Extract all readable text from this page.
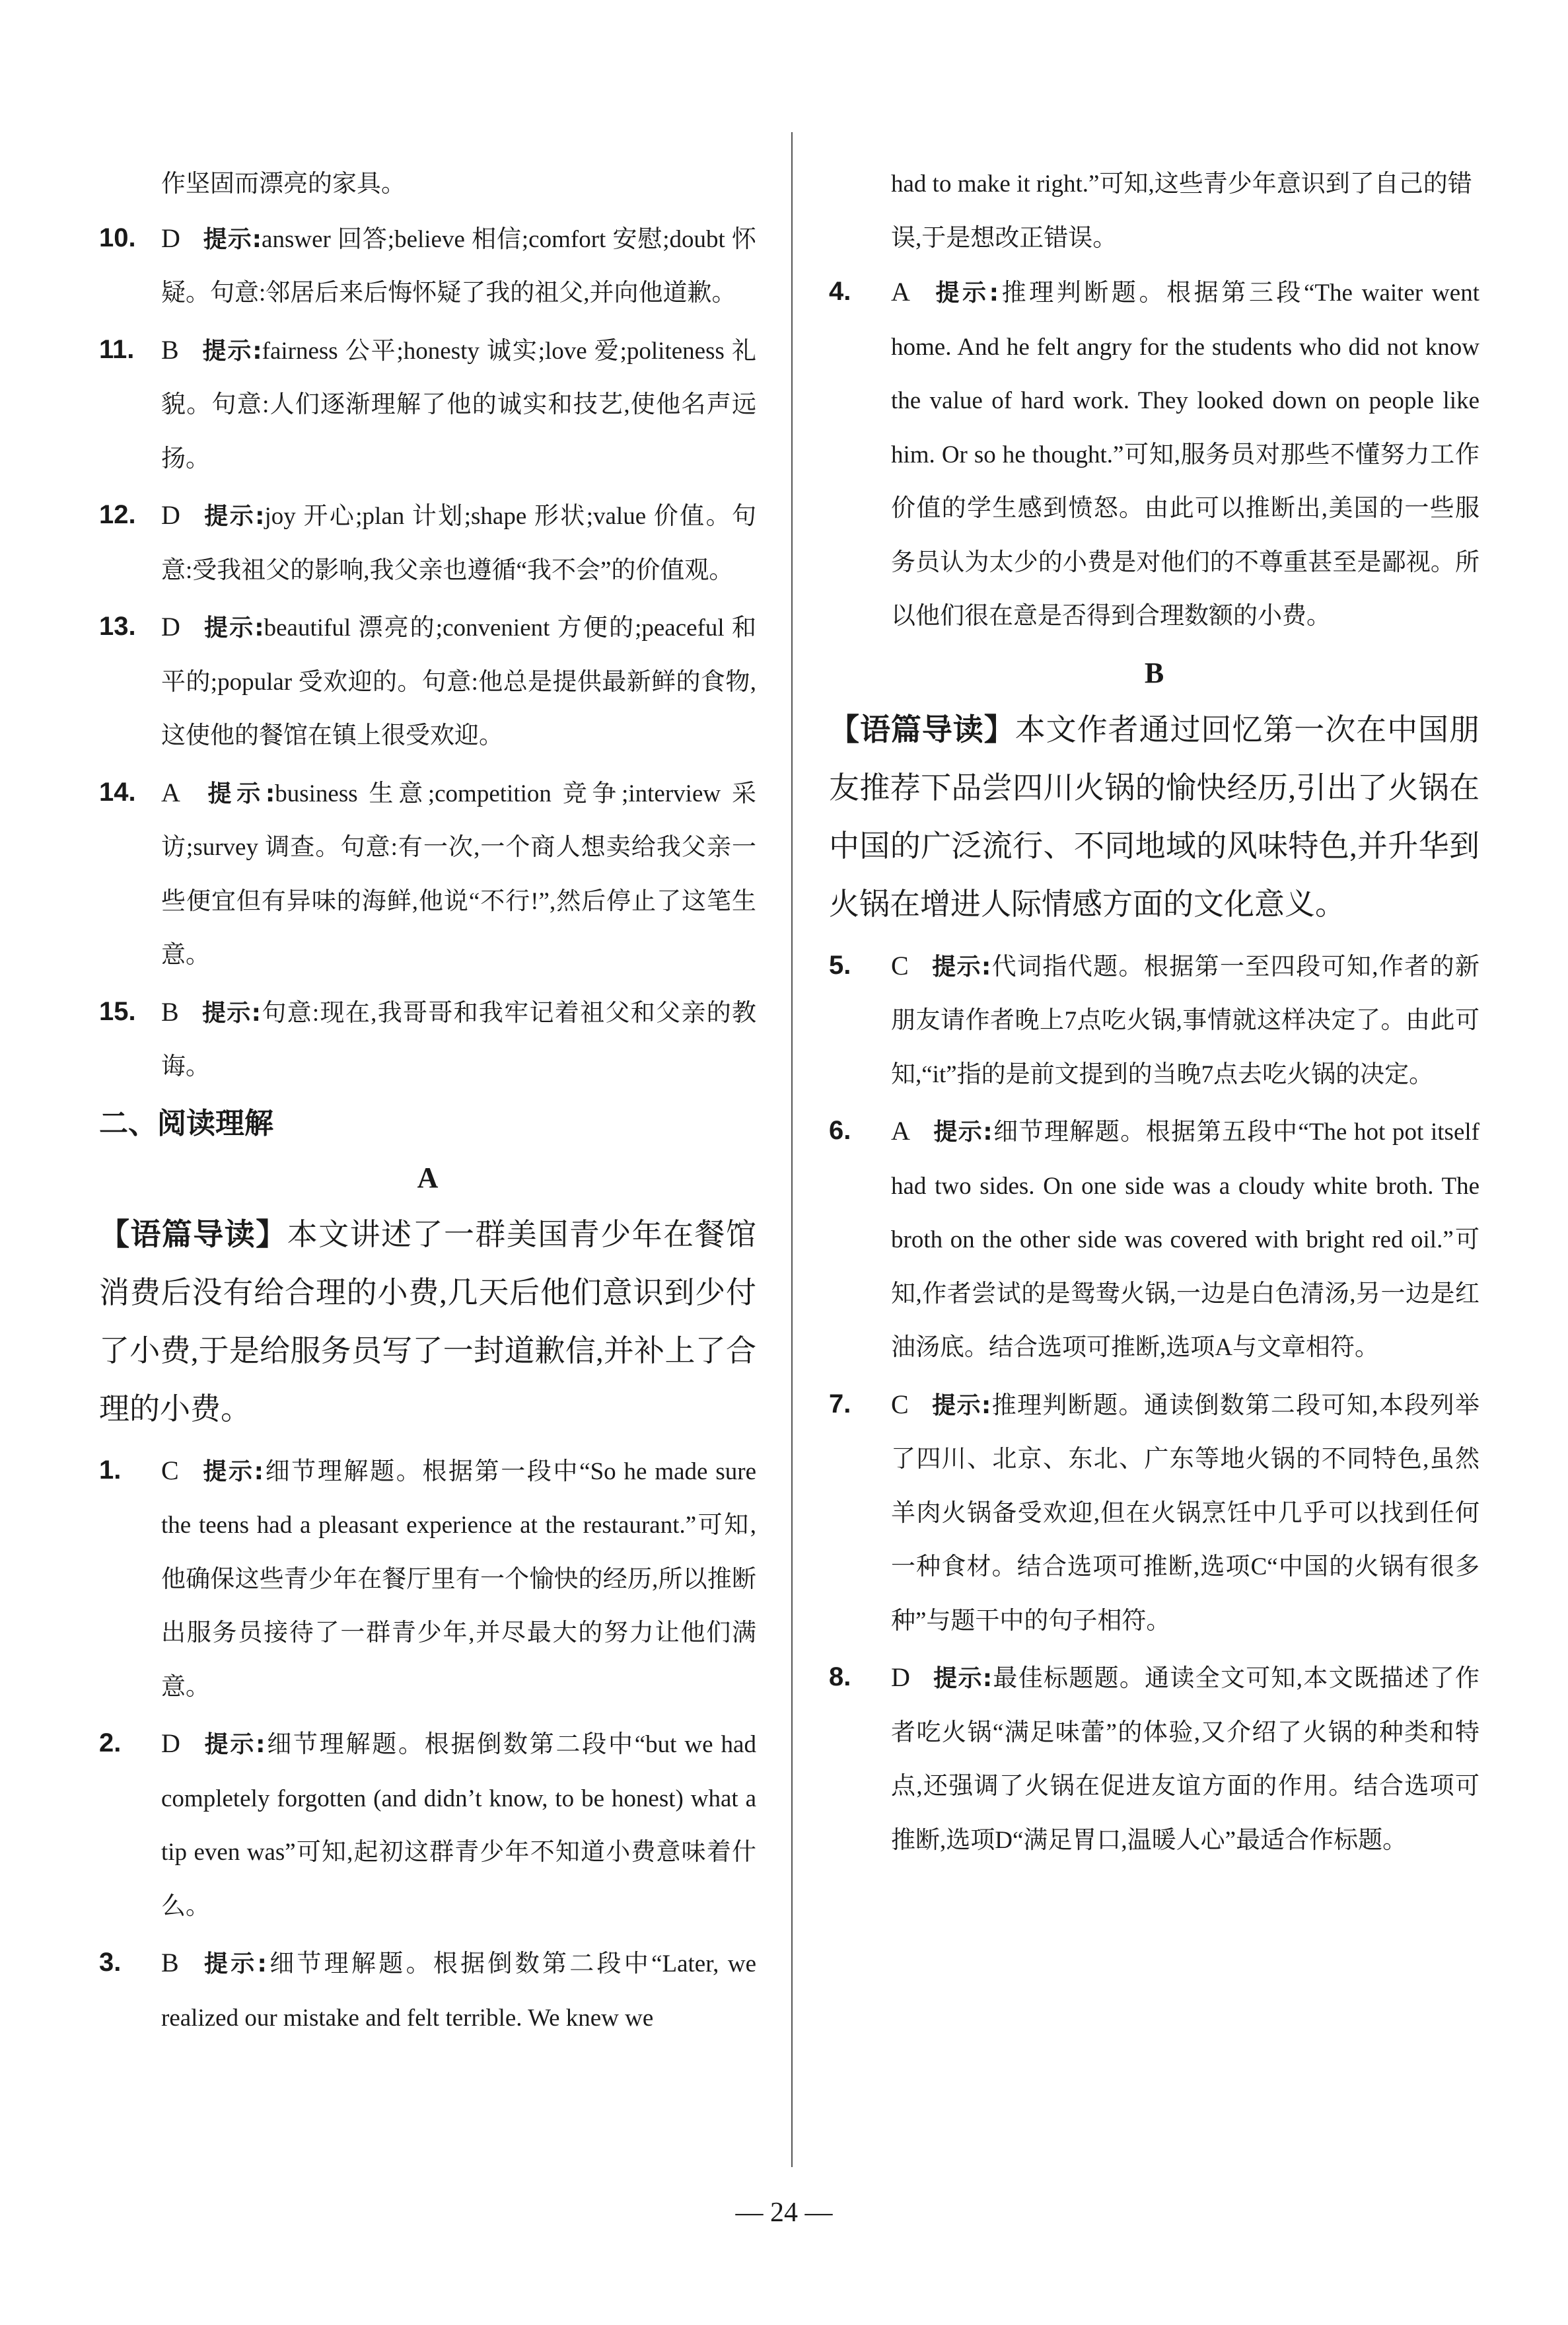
作坚固而漂亮的家具。

10. D 提示:answer 回答;believe 相信;comfort 安慰;doubt 怀疑。句意:邻居后来后悔怀疑了我的祖父,并向他道歉。

11. B 提示:fairness 公平;honesty 诚实;love 爱;politeness 礼貌。句意:人们逐渐理解了他的诚实和技艺,使他名声远扬。

12. D 提示:joy 开心;plan 计划;shape 形状;value 价值。句意:受我祖父的影响,我父亲也遵循“我不会”的价值观。

13. D 提示:beautiful 漂亮的;convenient 方便的;peaceful 和平的;popular 受欢迎的。句意:他总是提供最新鲜的食物,这使他的餐馆在镇上很受欢迎。

14. A 提示:business 生意;competition 竞争;interview 采访;survey 调查。句意:有一次,一个商人想卖给我父亲一些便宜但有异味的海鲜,他说“不行!”,然后停止了这笔生意。

15. B 提示:句意:现在,我哥哥和我牢记着祖父和父亲的教诲。

二、阅读理解
A

【语篇导读】本文讲述了一群美国青少年在餐馆消费后没有给合理的小费,几天后他们意识到少付了小费,于是给服务员写了一封道歉信,并补上了合理的小费。

1. C 提示:细节理解题。根据第一段中“So he made sure the teens had a pleasant experience at the restaurant.”可知,他确保这些青少年在餐厅里有一个愉快的经历,所以推断出服务员接待了一群青少年,并尽最大的努力让他们满意。

2. D 提示:细节理解题。根据倒数第二段中“but we had completely forgotten (and didn’t know, to be honest) what a tip even was”可知,起初这群青少年不知道小费意味着什么。

3. B 提示:细节理解题。根据倒数第二段中“Later, we realized our mistake and felt terrible. We knew we

had to make it right.”可知,这些青少年意识到了自己的错误,于是想改正错误。

4. A 提示:推理判断题。根据第三段“The waiter went home. And he felt angry for the students who did not know the value of hard work. They looked down on people like him. Or so he thought.”可知,服务员对那些不懂努力工作价值的学生感到愤怒。由此可以推断出,美国的一些服务员认为太少的小费是对他们的不尊重甚至是鄙视。所以他们很在意是否得到合理数额的小费。

B

【语篇导读】本文作者通过回忆第一次在中国朋友推荐下品尝四川火锅的愉快经历,引出了火锅在中国的广泛流行、不同地域的风味特色,并升华到火锅在增进人际情感方面的文化意义。

5. C 提示:代词指代题。根据第一至四段可知,作者的新朋友请作者晚上7点吃火锅,事情就这样决定了。由此可知,“it”指的是前文提到的当晚7点去吃火锅的决定。

6. A 提示:细节理解题。根据第五段中“The hot pot itself had two sides. On one side was a cloudy white broth. The broth on the other side was covered with bright red oil.”可知,作者尝试的是鸳鸯火锅,一边是白色清汤,另一边是红油汤底。结合选项可推断,选项A与文章相符。

7. C 提示:推理判断题。通读倒数第二段可知,本段列举了四川、北京、东北、广东等地火锅的不同特色,虽然羊肉火锅备受欢迎,但在火锅烹饪中几乎可以找到任何一种食材。结合选项可推断,选项C“中国的火锅有很多种”与题干中的句子相符。

8. D 提示:最佳标题题。通读全文可知,本文既描述了作者吃火锅“满足味蕾”的体验,又介绍了火锅的种类和特点,还强调了火锅在促进友谊方面的作用。结合选项可推断,选项D“满足胃口,温暖人心”最适合作标题。

— 24 —
